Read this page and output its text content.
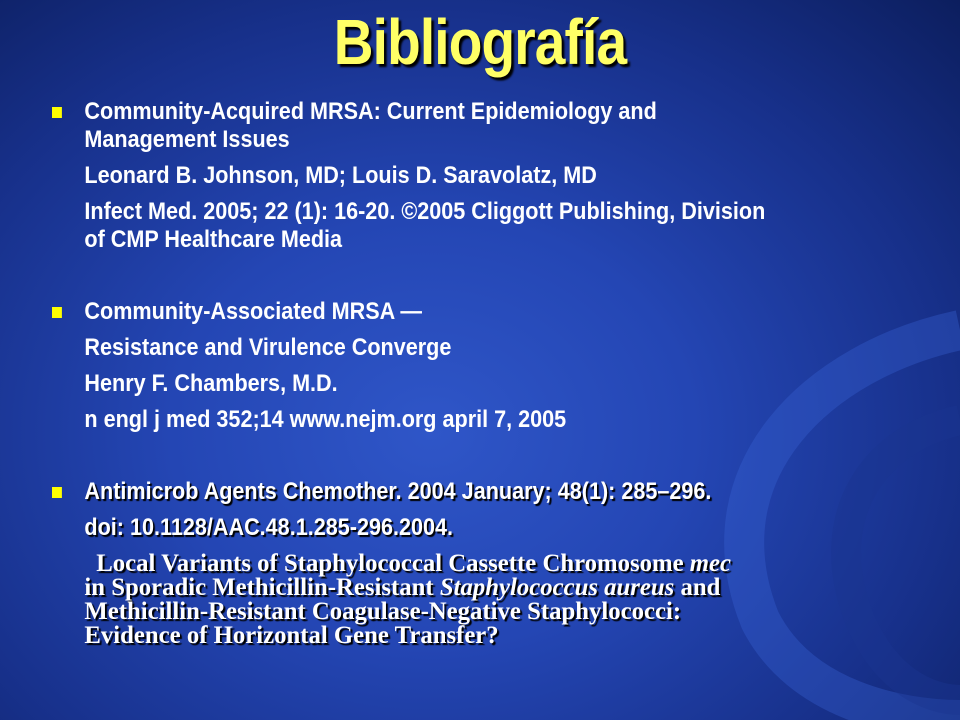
Bibliografía
Community-Acquired MRSA: Current Epidemiology and
Management Issues
Leonard B. Johnson, MD; Louis D. Saravolatz, MD
Infect Med. 2005; 22 (1): 16-20. ©2005 Cliggott Publishing, Division
of CMP Healthcare Media
Community-Associated MRSA —
Resistance and Virulence Converge
Henry F. Chambers, M.D.
n engl j med 352;14 www.nejm.org april 7, 2005
Antimicrob Agents Chemother. 2004 January; 48(1): 285–296.
doi: 10.1128/AAC.48.1.285-296.2004.
Local Variants of Staphylococcal Cassette Chromosome mec
in Sporadic Methicillin-Resistant Staphylococcus aureus and
Methicillin-Resistant Coagulase-Negative Staphylococci:
Evidence of Horizontal Gene Transfer?
